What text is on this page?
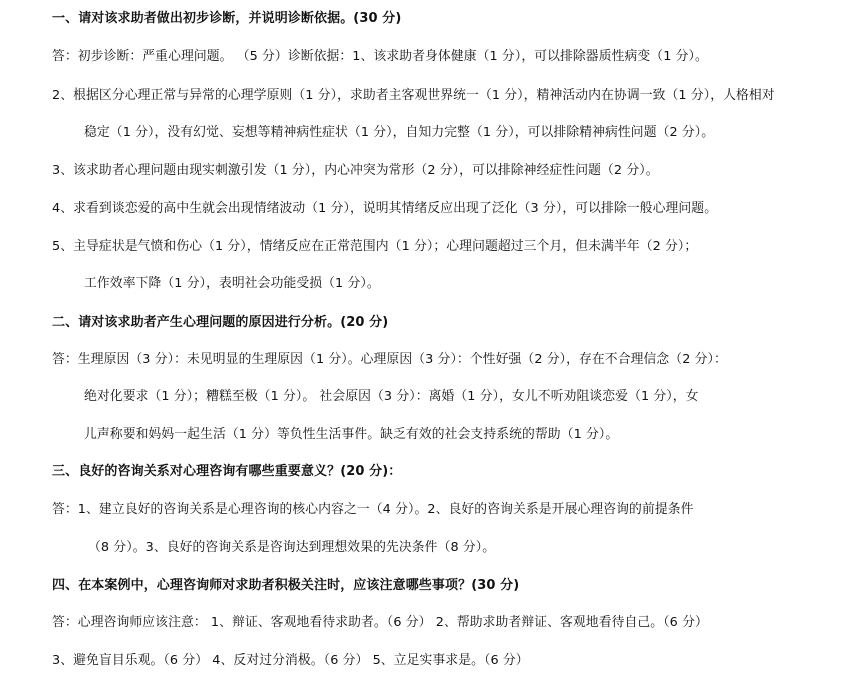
一、请对该求助者做出初步诊断，并说明诊断依据。(30 分)
答：初步诊断：严重心理问题。 （5 分）诊断依据：1、该求助者身体健康（1 分），可以排除器质性病变（1 分）。
2、根据区分心理正常与异常的心理学原则（1 分），求助者主客观世界统一（1 分），精神活动内在协调一致（1 分），人格相对
稳定（1 分），没有幻觉、妄想等精神病性症状（1 分），自知力完整（1 分），可以排除精神病性问题（2 分）。
3、该求助者心理问题由现实刺激引发（1 分），内心冲突为常形（2 分），可以排除神经症性问题（2 分）。
4、求看到谈恋爱的高中生就会出现情绪波动（1 分），说明其情绪反应出现了泛化（3 分），可以排除一般心理问题。
5、主导症状是气愤和伤心（1 分），情绪反应在正常范围内（1 分）；心理问题超过三个月，但未满半年（2 分）；
工作效率下降（1 分），表明社会功能受损（1 分）。
二、请对该求助者产生心理问题的原因进行分析。(20 分)
答：生理原因（3 分）：未见明显的生理原因（1 分）。心理原因（3 分）：个性好强（2 分），存在不合理信念（2 分）：
绝对化要求（1 分）；糟糕至极（1 分）。 社会原因（3 分）：离婚（1 分），女儿不听劝阻谈恋爱（1 分），女
儿声称要和妈妈一起生活（1 分）等负性生活事件。缺乏有效的社会支持系统的帮助（1 分）。
三、良好的咨询关系对心理咨询有哪些重要意义？(20 分)：
答：1、建立良好的咨询关系是心理咨询的核心内容之一（4 分）。2、良好的咨询关系是开展心理咨询的前提条件
（8 分）。3、良好的咨询关系是咨询达到理想效果的先决条件（8 分）。
四、在本案例中，心理咨询师对求助者积极关注时，应该注意哪些事项？(30 分)
答：心理咨询师应该注意： 1、辩证、客观地看待求助者。（6 分） 2、帮助求助者辩证、客观地看待自己。（6 分）
3、避免盲目乐观。（6 分） 4、反对过分消极。（6 分） 5、立足实事求是。（6 分）
